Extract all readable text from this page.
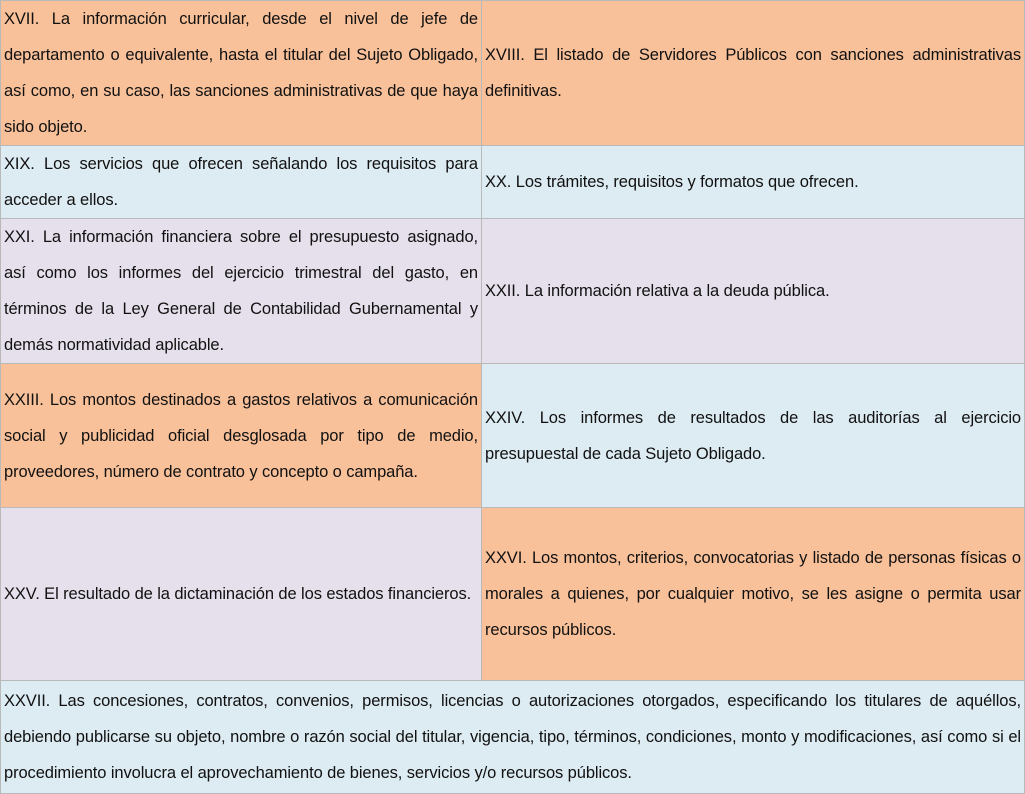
XVII. La información curricular, desde el nivel de jefe de departamento o equivalente, hasta el titular del Sujeto Obligado, así como, en su caso, las sanciones administrativas de que haya sido objeto.	XVIII. El listado de Servidores Públicos con sanciones administrativas definitivas.
XIX. Los servicios que ofrecen señalando los requisitos para acceder a ellos.	XX. Los trámites, requisitos y formatos que ofrecen.
XXI. La información financiera sobre el presupuesto asignado, así como los informes del ejercicio trimestral del gasto, en términos de la Ley General de Contabilidad Gubernamental y demás normatividad aplicable.	XXII. La información relativa a la deuda pública.
XXIII. Los montos destinados a gastos relativos a comunicación social y publicidad oficial desglosada por tipo de medio, proveedores, número de contrato y concepto o campaña.	XXIV. Los informes de resultados de las auditorías al ejercicio presupuestal de cada Sujeto Obligado.
XXV. El resultado de la dictaminación de los estados financieros.	XXVI. Los montos, criterios, convocatorias y listado de personas físicas o morales a quienes, por cualquier motivo, se les asigne o permita usar recursos públicos.
XXVII. Las concesiones, contratos, convenios, permisos, licencias o autorizaciones otorgados, especificando los titulares de aquéllos, debiendo publicarse su objeto, nombre o razón social del titular, vigencia, tipo, términos, condiciones, monto y modificaciones, así como si el procedimiento involucra el aprovechamiento de bienes, servicios y/o recursos públicos.	
